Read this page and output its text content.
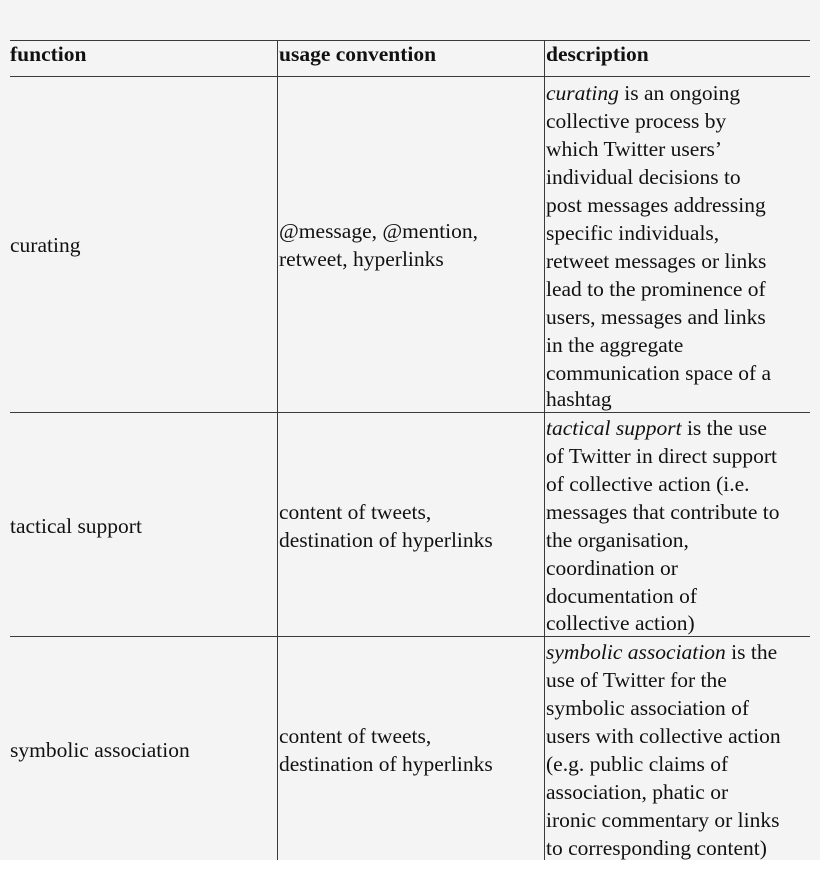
function	usage convention	description
curating
@message, @mention,
retweet, hyperlinks
curating is an ongoing
collective process by
which Twitter users’
individual decisions to
post messages addressing
specific individuals,
retweet messages or links
lead to the prominence of
users, messages and links
in the aggregate
communication space of a
hashtag
tactical support
content of tweets,
destination of hyperlinks
tactical support is the use
of Twitter in direct support
of collective action (i.e.
messages that contribute to
the organisation,
coordination or
documentation of
collective action)
symbolic association
content of tweets,
destination of hyperlinks
symbolic association is the
use of Twitter for the
symbolic association of
users with collective action
(e.g. public claims of
association, phatic or
ironic commentary or links
to corresponding content)
